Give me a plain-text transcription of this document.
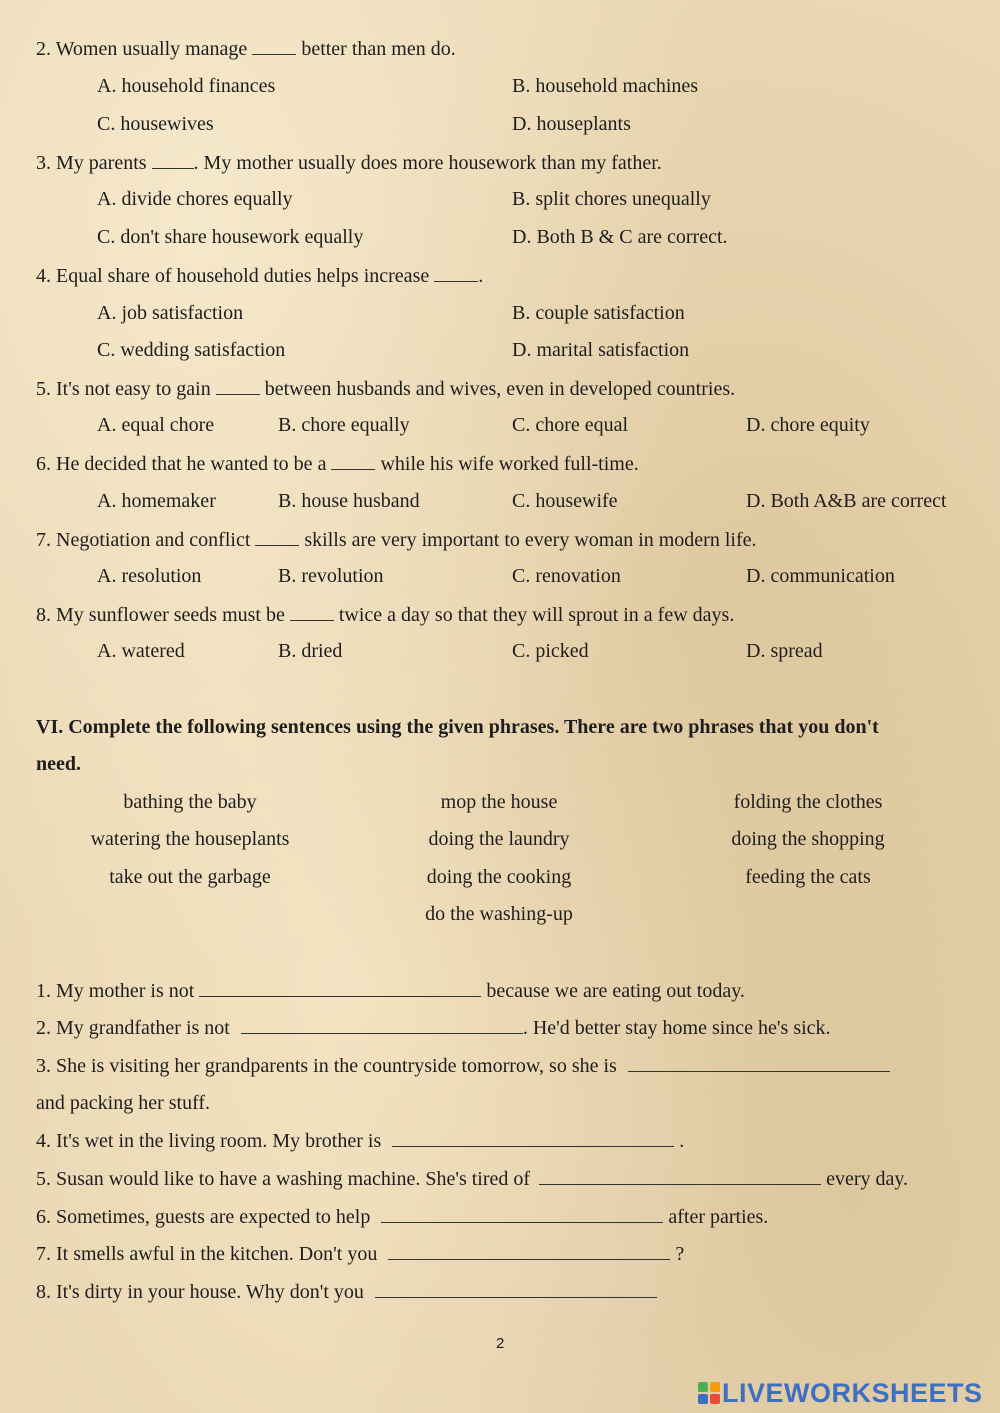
2. Women usually manage  better than men do.
A. household finances	B. household machines
C. housewives	D. houseplants
3. My parents . My mother usually does more housework than my father.
A. divide chores equally	B. split chores unequally
C. don't share housework equally	D. Both B & C are correct.
4. Equal share of household duties helps increase .
A. job satisfaction	B. couple satisfaction
C. wedding satisfaction	D. marital satisfaction
5. It's not easy to gain  between husbands and wives, even in developed countries.
A. equal chore	B. chore equally	C. chore equal	D. chore equity
6. He decided that he wanted to be a  while his wife worked full-time.
A. homemaker	B. house husband	C. housewife	D. Both A&B are correct
7. Negotiation and conflict  skills are very important to every woman in modern life.
A. resolution	B. revolution	C. renovation	D. communication
8. My sunflower seeds must be  twice a day so that they will sprout in a few days.
A. watered	B. dried	C. picked	D. spread
VI. Complete the following sentences using the given phrases. There are two phrases that you don't
need.
bathing the baby	mop the house	folding the clothes
watering the houseplants	doing the laundry	doing the shopping
take out the garbage	doing the cooking	feeding the cats
do the washing-up
1. My mother is not	because we are eating out today.
2. My grandfather is not	. He'd better stay home since he's sick.
3. She is visiting her grandparents in the countryside tomorrow, so she is
and packing her stuff.
4. It's wet in the living room. My brother is	.
5. Susan would like to have a washing machine. She's tired of	every day.
6. Sometimes, guests are expected to help	after parties.
7. It smells awful in the kitchen. Don't you	?
8. It's dirty in your house. Why don't you
2
LIVEWORKSHEETS
